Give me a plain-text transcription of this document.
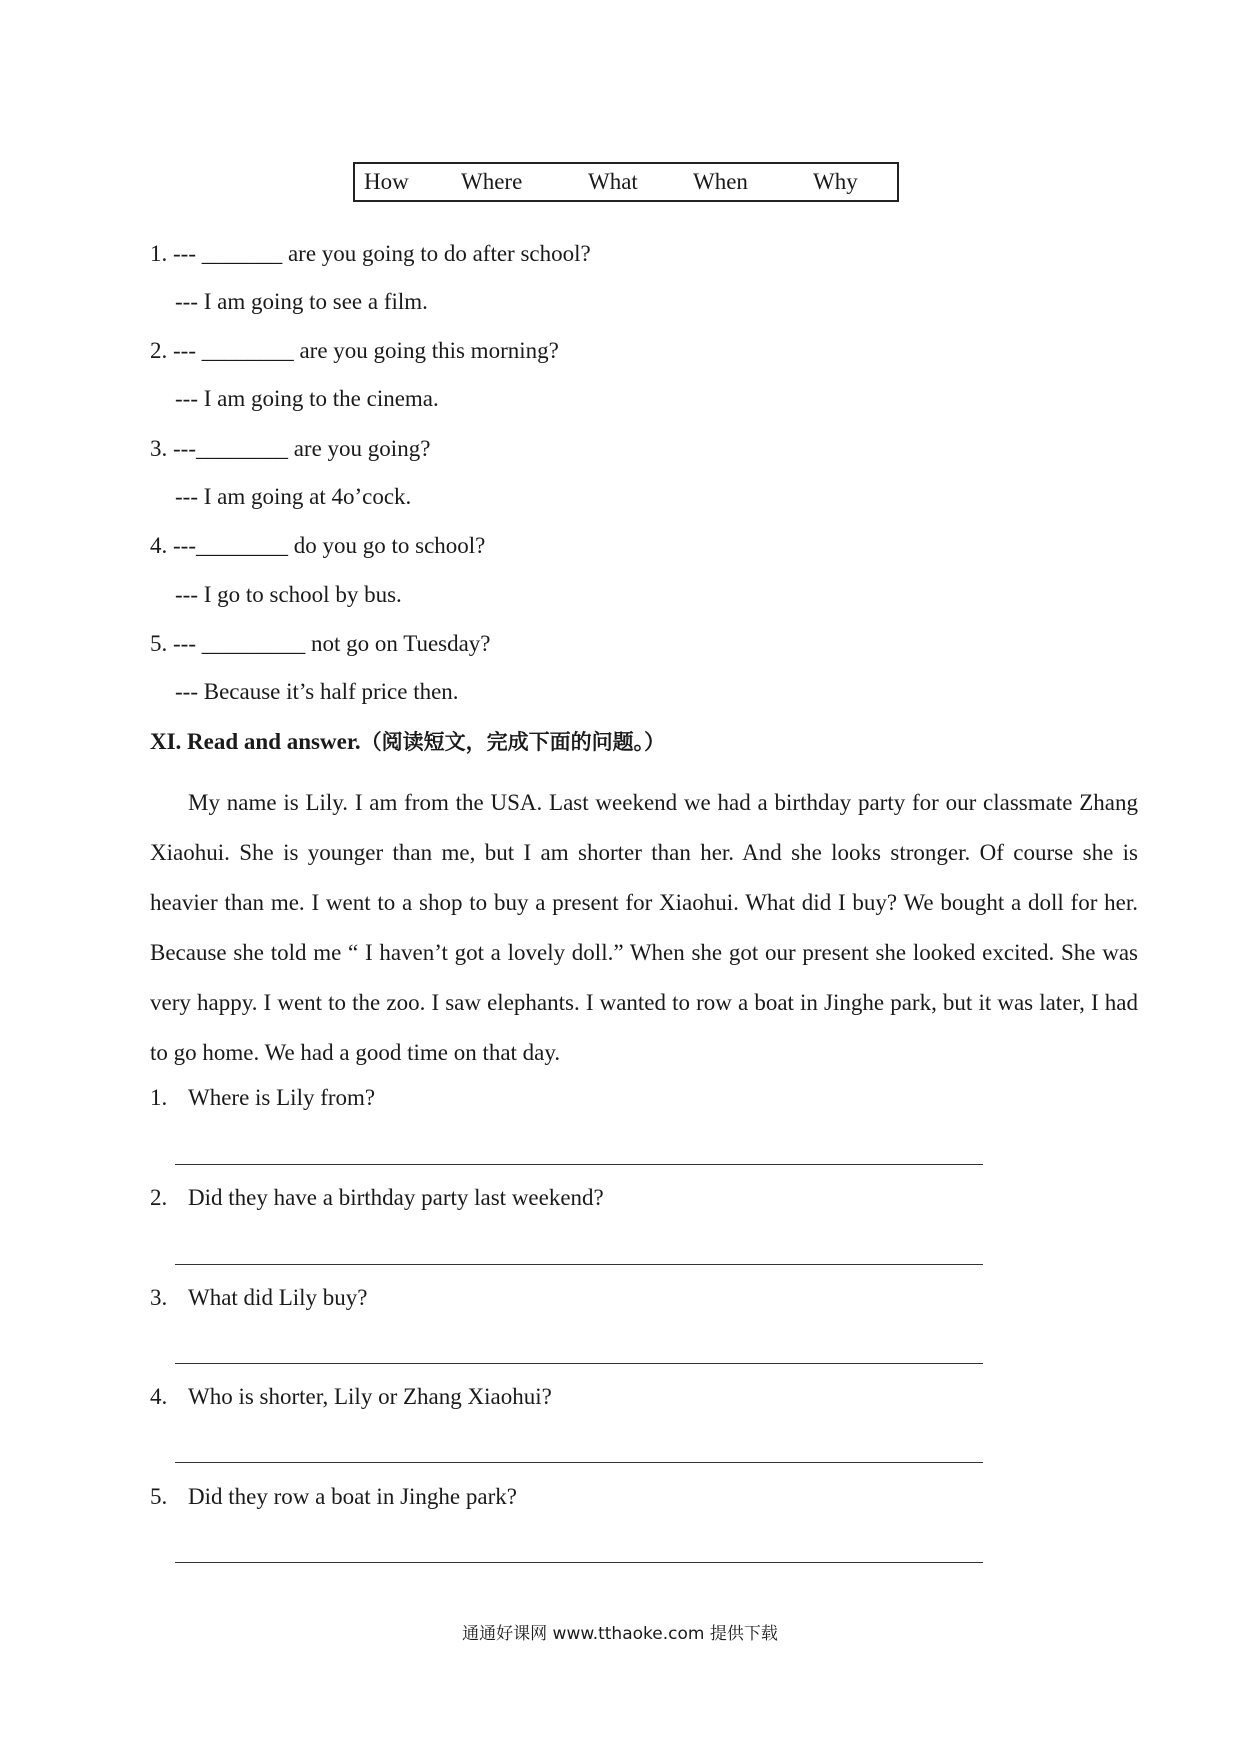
How Where	What When	Why
1. --- _______ are you going to do after school?
--- I am going to see a film.
2. --- ________ are you going this morning?
--- I am going to the cinema.
3. ---________ are you going?
--- I am going at 4o’cock.
4. ---________ do you go to school?
--- I go to school by bus.
5. --- _________ not go on Tuesday?
--- Because it’s half price then.
XI. Read and answer.（阅读短文，完成下面的问题。）
My name is Lily. I am from the USA. Last weekend we had a birthday party for our classmate Zhang Xiaohui. She is younger than me, but I am shorter than her. And she looks stronger. Of course she is heavier than me. I went to a shop to buy a present for Xiaohui. What did I buy? We bought a doll for her. Because she told me “ I haven’t got a lovely doll.” When she got our present she looked excited. She was very happy. I went to the zoo. I saw elephants. I wanted to row a boat in Jinghe park, but it was later, I had to go home. We had a good time on that day.
1. Where is Lily from?
2. Did they have a birthday party last weekend?
3. What did Lily buy?
4. Who is shorter, Lily or Zhang Xiaohui?
5. Did they row a boat in Jinghe park?
通通好课网 www.tthaoke.com 提供下载
